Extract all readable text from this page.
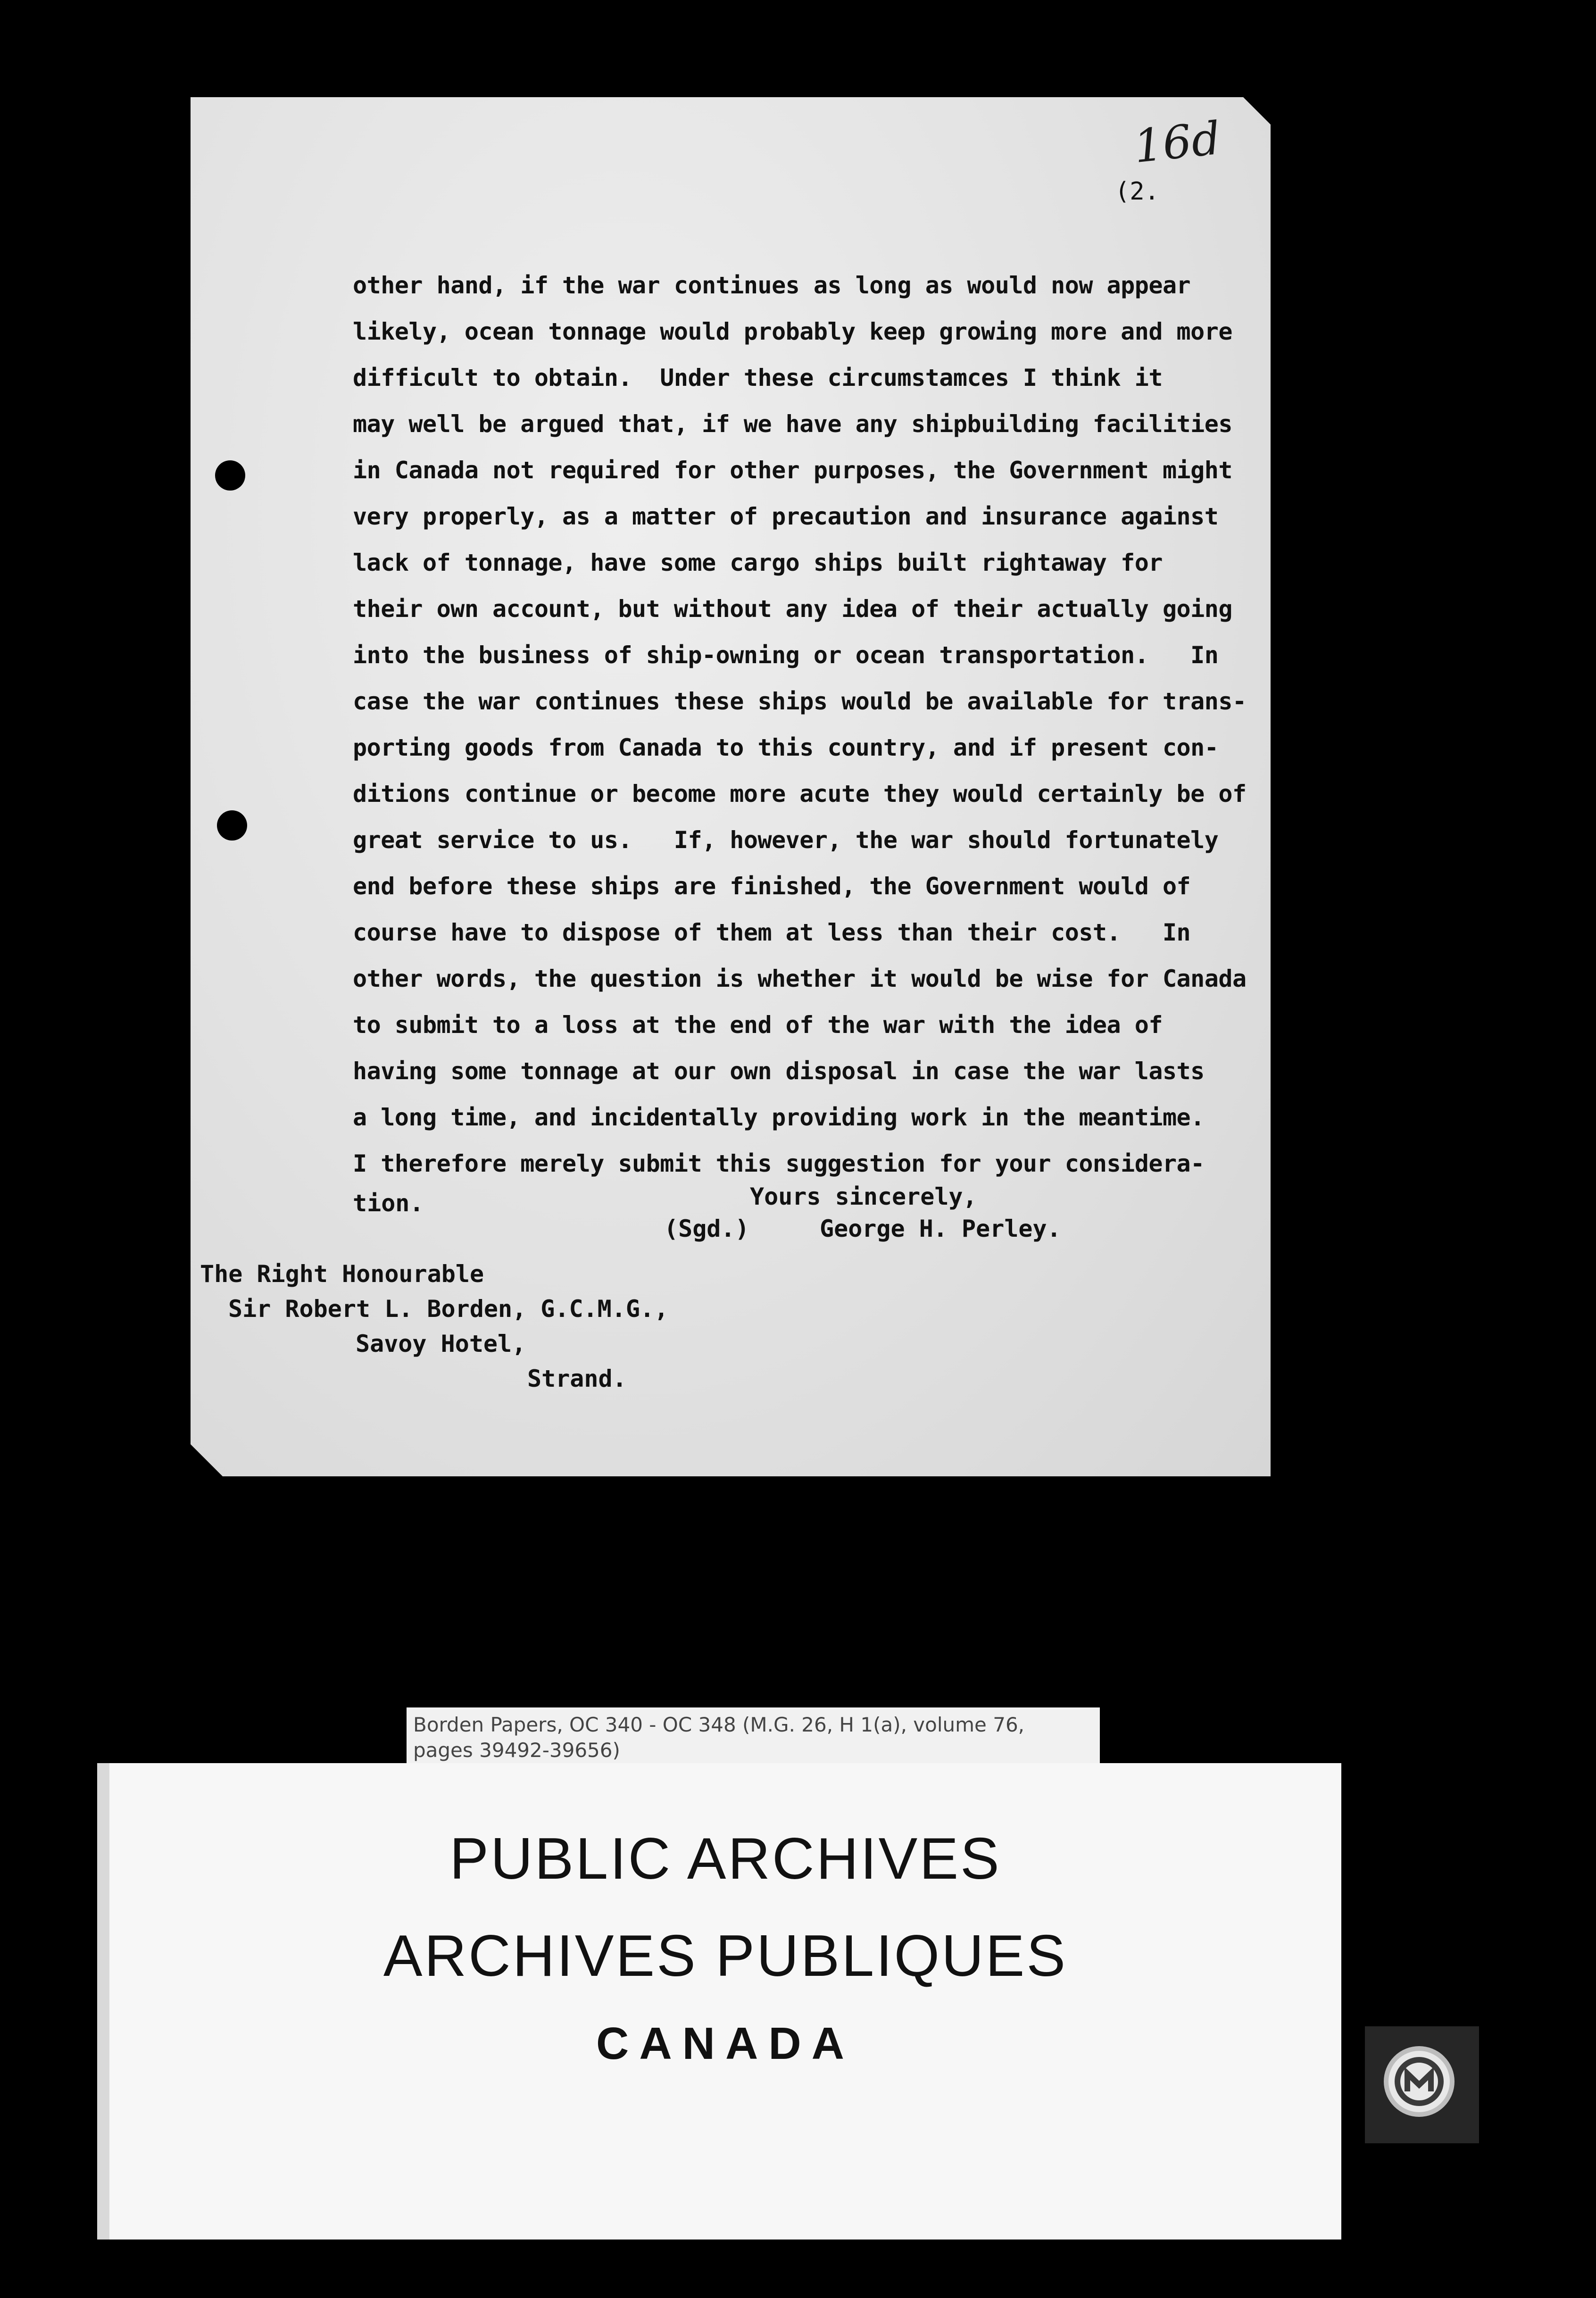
16d

(2.

other hand, if the war continues as long as would now appear
likely, ocean tonnage would probably keep growing more and more
difficult to obtain.  Under these circumstamces I think it
may well be argued that, if we have any shipbuilding facilities
in Canada not required for other purposes, the Government might
very properly, as a matter of precaution and insurance against
lack of tonnage, have some cargo ships built rightaway for
their own account, but without any idea of their actually going
into the business of ship-owning or ocean transportation.   In
case the war continues these ships would be available for trans-
porting goods from Canada to this country, and if present con-
ditions continue or become more acute they would certainly be of
great service to us.   If, however, the war should fortunately
end before these ships are finished, the Government would of
course have to dispose of them at less than their cost.   In
other words, the question is whether it would be wise for Canada
to submit to a loss at the end of the war with the idea of
having some tonnage at our own disposal in case the war lasts
a long time, and incidentally providing work in the meantime.
I therefore merely submit this suggestion for your considera-

tion.	Yours sincerely,

(Sgd.)	George H. Perley.

The Right Honourable
Sir Robert L. Borden, G.C.M.G.,
Savoy Hotel,
Strand.

Borden Papers, OC 340 - OC 348 (M.G. 26, H 1(a), volume 76,

pages 39492-39656)

PUBLIC ARCHIVES

ARCHIVES PUBLIQUES

CANADA
